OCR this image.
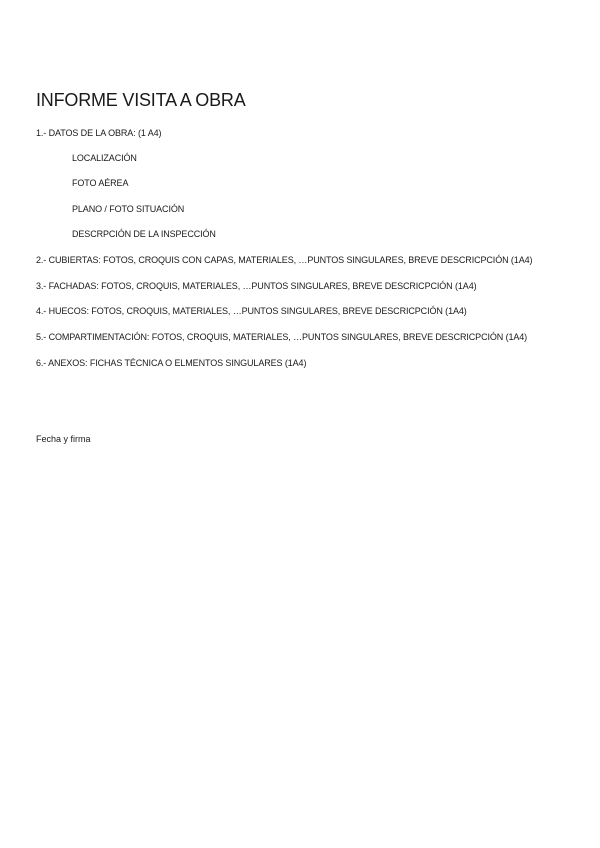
INFORME VISITA A OBRA
1.- DATOS DE LA OBRA: (1 A4)
LOCALIZACIÓN
FOTO AÉREA
PLANO / FOTO SITUACIÓN
DESCRPCIÓN DE LA INSPECCIÓN
2.- CUBIERTAS: FOTOS, CROQUIS CON CAPAS, MATERIALES, …PUNTOS SINGULARES, BREVE DESCRICPCIÓN (1A4)
3.- FACHADAS: FOTOS, CROQUIS, MATERIALES, …PUNTOS SINGULARES, BREVE DESCRICPCIÓN (1A4)
4.- HUECOS: FOTOS, CROQUIS, MATERIALES, …PUNTOS SINGULARES, BREVE DESCRICPCIÓN (1A4)
5.- COMPARTIMENTACIÓN: FOTOS, CROQUIS, MATERIALES, …PUNTOS SINGULARES, BREVE DESCRICPCIÓN (1A4)
6.- ANEXOS: FICHAS TÉCNICA O ELMENTOS SINGULARES (1A4)
Fecha y firma
